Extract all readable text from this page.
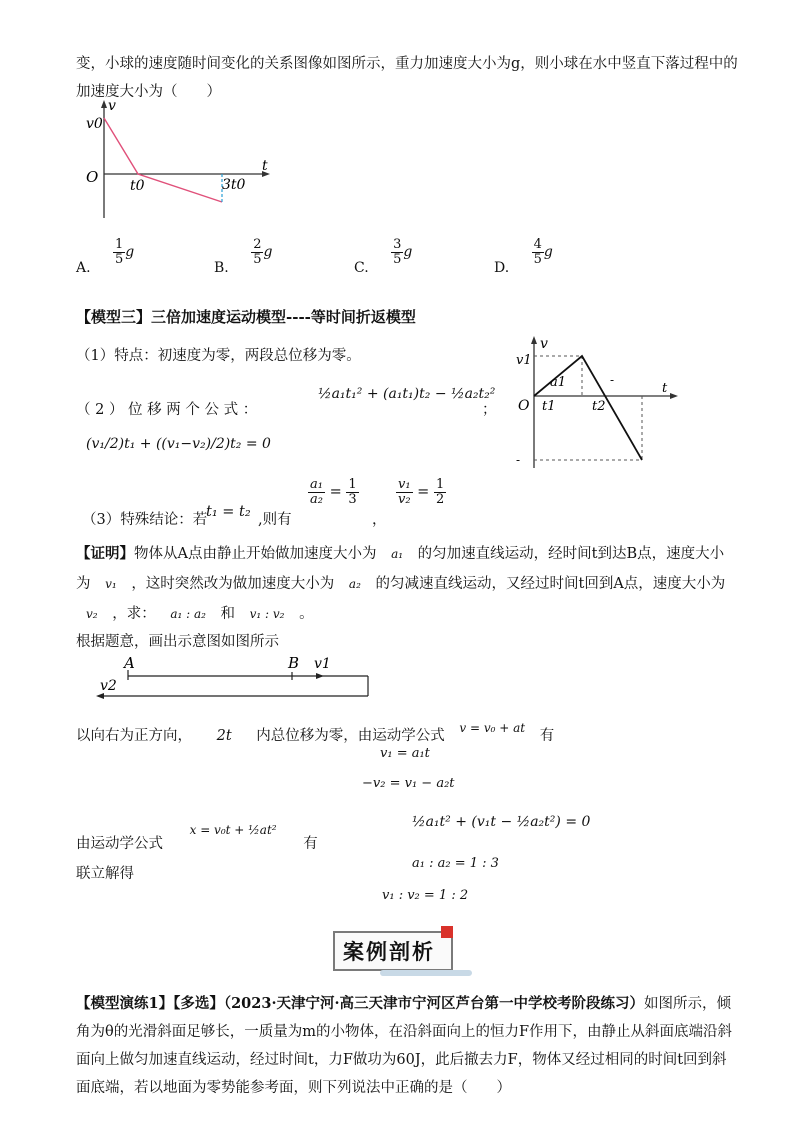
变，小球的速度随时间变化的关系图像如图所示，重力加速度大小为g，则小球在水中竖直下落过程中的
加速度大小为（　　）
v
v0
O t0	3t0
t
A.
$\frac{1}{5}$ g
B.
$\frac{2}{5}$ g
C.
$\frac{3}{5}$ g
D.
$\frac{4}{5}$ g
【模型三】三倍加速度运动模型----等时间折返模型
（1）特点：初速度为零，两段总位移为零。
（ 2 ） 位 移 两 个 公 式 ：
½a₁t₁² + (a₁t₁)t₂ − ½a₂t₂²
；
(v₁/2)t₁ + ((v₁−v₂)/2)t₂ = 0
（3）特殊结论：若
t₁ = t₂ ,则有
$\frac{\text{a₁}}{\text{a₂}} = \frac{1}{3}$
，
$\frac{\text{v₁}}{\text{v₂}} = \frac{1}{2}$
v
v1
a1
O t1	t2
t
-
-
【证明】物体从A点由静止开始做加速度大小为 a₁ 的匀加速直线运动，经时间t到达B点，速度大小
为 v₁ ，这时突然改为做加速度大小为 a₂ 的匀减速直线运动，又经过时间t回到A点，速度大小为
v₂ ，求： a₁ : a₂ 和 v₁ : v₂ 。
根据题意，画出示意图如图所示
A	B v1
v2
以向右为正方向， 2t 内总位移为零，由运动学公式 $^{v = v_0 + at}$ 有
v₁ = a₁t
−v₂ = v₁ − a₂t
由运动学公式 $^{x = v_0t + \frac{1}{2}at^2}$ 有
½a₁t² + (v₁t − ½a₂t²) = 0
联立解得
a₁ : a₂ = 1 : 3
v₁ : v₂ = 1 : 2
案例剖析
【模型演练1】【多选】（2023·天津宁河·高三天津市宁河区芦台第一中学校考阶段练习）如图所示，倾
角为θ的光滑斜面足够长，一质量为m的小物体，在沿斜面向上的恒力F作用下，由静止从斜面底端沿斜
面向上做匀加速直线运动，经过时间t，力F做功为60J，此后撤去力F，物体又经过相同的时间t回到斜
面底端，若以地面为零势能参考面，则下列说法中正确的是（　　）
